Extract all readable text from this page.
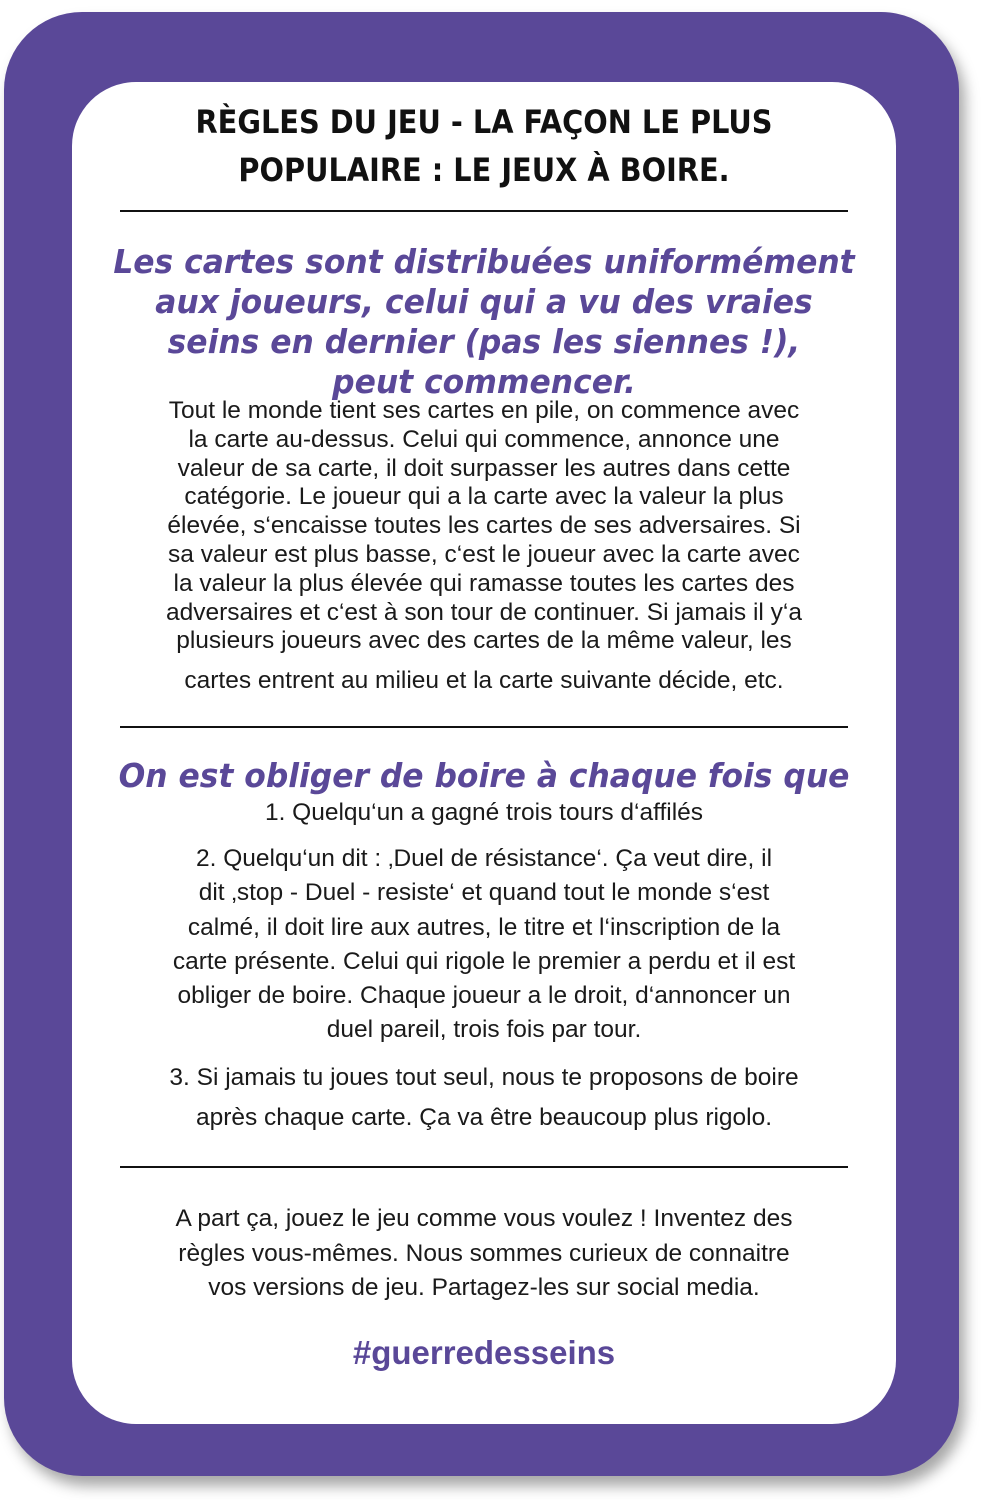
RÈGLES DU JEU - LA FAÇON LE PLUS
POPULAIRE : LE JEUX À BOIRE.
Les cartes sont distribuées uniformément
aux joueurs, celui qui a vu des vraies
seins en dernier (pas les siennes !),
peut commencer.
Tout le monde tient ses cartes en pile, on commence avec
la carte au-dessus. Celui qui commence, annonce une
valeur de sa carte, il doit surpasser les autres dans cette
catégorie. Le joueur qui a la carte avec la valeur la plus
élevée, s‘encaisse toutes les cartes de ses adversaires. Si
sa valeur est plus basse, c‘est le joueur avec la carte avec
la valeur la plus élevée qui ramasse toutes les cartes des
adversaires et c‘est à son tour de continuer. Si jamais il y‘a
plusieurs joueurs avec des cartes de la même valeur, les
cartes entrent au milieu et la carte suivante décide, etc.
On est obliger de boire à chaque fois que
1. Quelqu‘un a gagné trois tours d‘affilés
2. Quelqu‘un dit : ‚Duel de résistance‘. Ça veut dire, il
dit ‚stop - Duel - resiste‘ et quand tout le monde s‘est
calmé, il doit lire aux autres, le titre et l‘inscription de la
carte présente. Celui qui rigole le premier a perdu et il est
obliger de boire. Chaque joueur a le droit, d‘annoncer un
duel pareil, trois fois par tour.
3. Si jamais tu joues tout seul, nous te proposons de boire
après chaque carte. Ça va être beaucoup plus rigolo.
A part ça, jouez le jeu comme vous voulez ! Inventez des
règles vous-mêmes. Nous sommes curieux de connaitre
vos versions de jeu. Partagez-les sur social media.
#guerredesseins
